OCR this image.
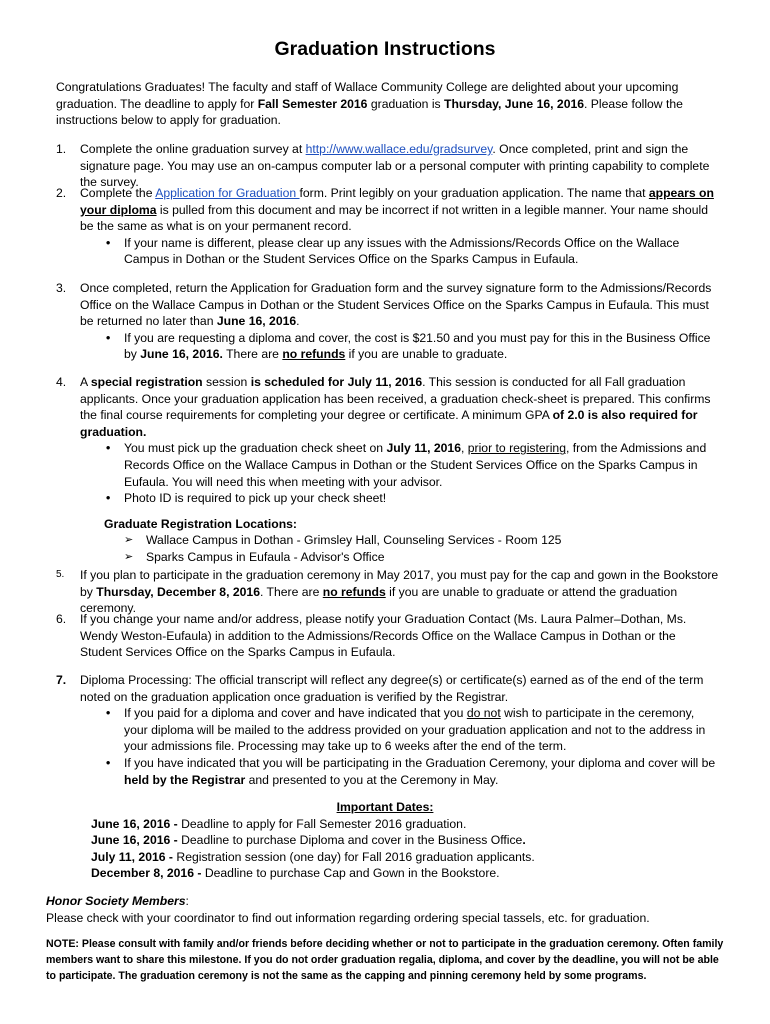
Graduation Instructions
Congratulations Graduates! The faculty and staff of Wallace Community College are delighted about your upcoming graduation. The deadline to apply for Fall Semester 2016 graduation is Thursday, June 16, 2016. Please follow the instructions below to apply for graduation.
1. Complete the online graduation survey at http://www.wallace.edu/gradsurvey. Once completed, print and sign the signature page. You may use an on-campus computer lab or a personal computer with printing capability to complete the survey.
2. Complete the Application for Graduation form. Print legibly on your graduation application. The name that appears on your diploma is pulled from this document and may be incorrect if not written in a legible manner. Your name should be the same as what is on your permanent record.
• If your name is different, please clear up any issues with the Admissions/Records Office on the Wallace Campus in Dothan or the Student Services Office on the Sparks Campus in Eufaula.
3. Once completed, return the Application for Graduation form and the survey signature form to the Admissions/Records Office on the Wallace Campus in Dothan or the Student Services Office on the Sparks Campus in Eufaula. This must be returned no later than June 16, 2016.
• If you are requesting a diploma and cover, the cost is $21.50 and you must pay for this in the Business Office by June 16, 2016. There are no refunds if you are unable to graduate.
4. A special registration session is scheduled for July 11, 2016. This session is conducted for all Fall graduation applicants. Once your graduation application has been received, a graduation check-sheet is prepared. This confirms the final course requirements for completing your degree or certificate. A minimum GPA of 2.0 is also required for graduation.
• You must pick up the graduation check sheet on July 11, 2016, prior to registering, from the Admissions and Records Office on the Wallace Campus in Dothan or the Student Services Office on the Sparks Campus in Eufaula. You will need this when meeting with your advisor.
• Photo ID is required to pick up your check sheet!
Graduate Registration Locations:
➢ Wallace Campus in Dothan - Grimsley Hall, Counseling Services - Room 125
➢ Sparks Campus in Eufaula - Advisor's Office
5. If you plan to participate in the graduation ceremony in May 2017, you must pay for the cap and gown in the Bookstore by Thursday, December 8, 2016. There are no refunds if you are unable to graduate or attend the graduation ceremony.
6. If you change your name and/or address, please notify your Graduation Contact (Ms. Laura Palmer–Dothan, Ms. Wendy Weston-Eufaula) in addition to the Admissions/Records Office on the Wallace Campus in Dothan or the Student Services Office on the Sparks Campus in Eufaula.
7. Diploma Processing: The official transcript will reflect any degree(s) or certificate(s) earned as of the end of the term noted on the graduation application once graduation is verified by the Registrar.
• If you paid for a diploma and cover and have indicated that you do not wish to participate in the ceremony, your diploma will be mailed to the address provided on your graduation application and not to the address in your admissions file. Processing may take up to 6 weeks after the end of the term.
• If you have indicated that you will be participating in the Graduation Ceremony, your diploma and cover will be held by the Registrar and presented to you at the Ceremony in May.
Important Dates:
June 16, 2016 - Deadline to apply for Fall Semester 2016 graduation.
June 16, 2016 - Deadline to purchase Diploma and cover in the Business Office.
July 11, 2016 - Registration session (one day) for Fall 2016 graduation applicants.
December 8, 2016 - Deadline to purchase Cap and Gown in the Bookstore.
Honor Society Members:
Please check with your coordinator to find out information regarding ordering special tassels, etc. for graduation.
NOTE: Please consult with family and/or friends before deciding whether or not to participate in the graduation ceremony. Often family members want to share this milestone. If you do not order graduation regalia, diploma, and cover by the deadline, you will not be able to participate. The graduation ceremony is not the same as the capping and pinning ceremony held by some programs.
